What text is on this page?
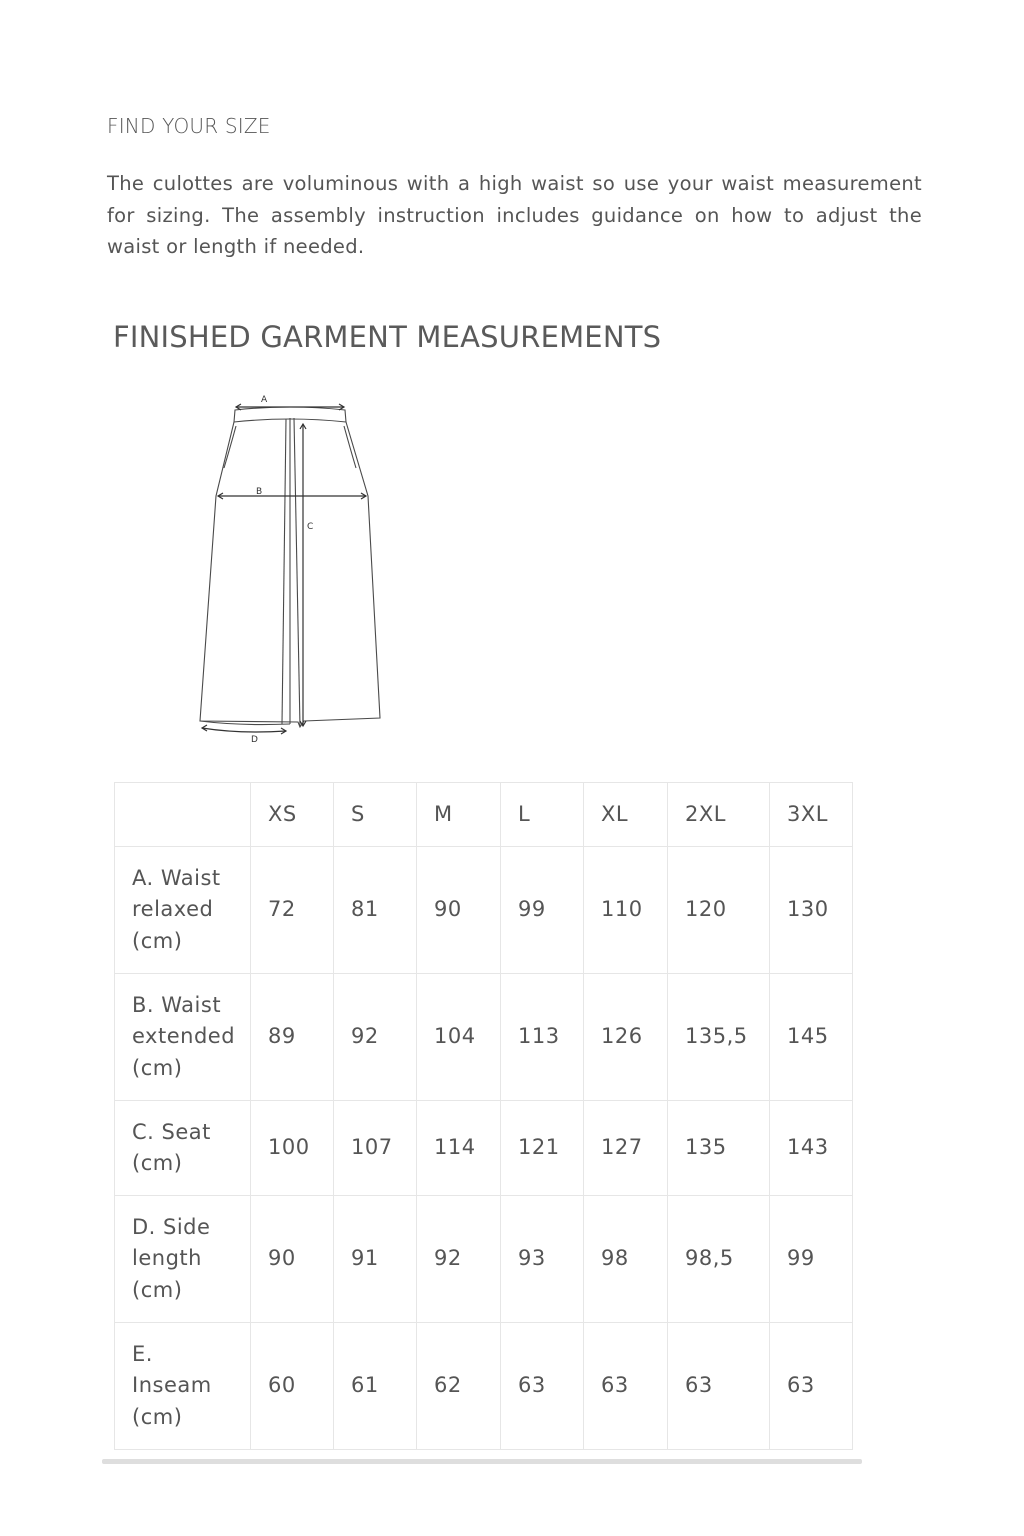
FIND YOUR SIZE
The culottes are voluminous with a high waist so use your waist measurement for sizing. The assembly instruction includes guidance on how to adjust the waist or length if needed.
FINISHED GARMENT MEASUREMENTS
A
B
C
D
	XS	S	M	L	XL	2XL	3XL

A. Waist
relaxed
(cm)	72	81	90	99	110	120	130

B. Waist
extended
(cm)	89	92	104	113	126	135,5	145

C. Seat
(cm)	100	107	114	121	127	135	143

D. Side
length
(cm)	90	91	92	93	98	98,5	99

E.
Inseam
(cm)	60	61	62	63	63	63	63
